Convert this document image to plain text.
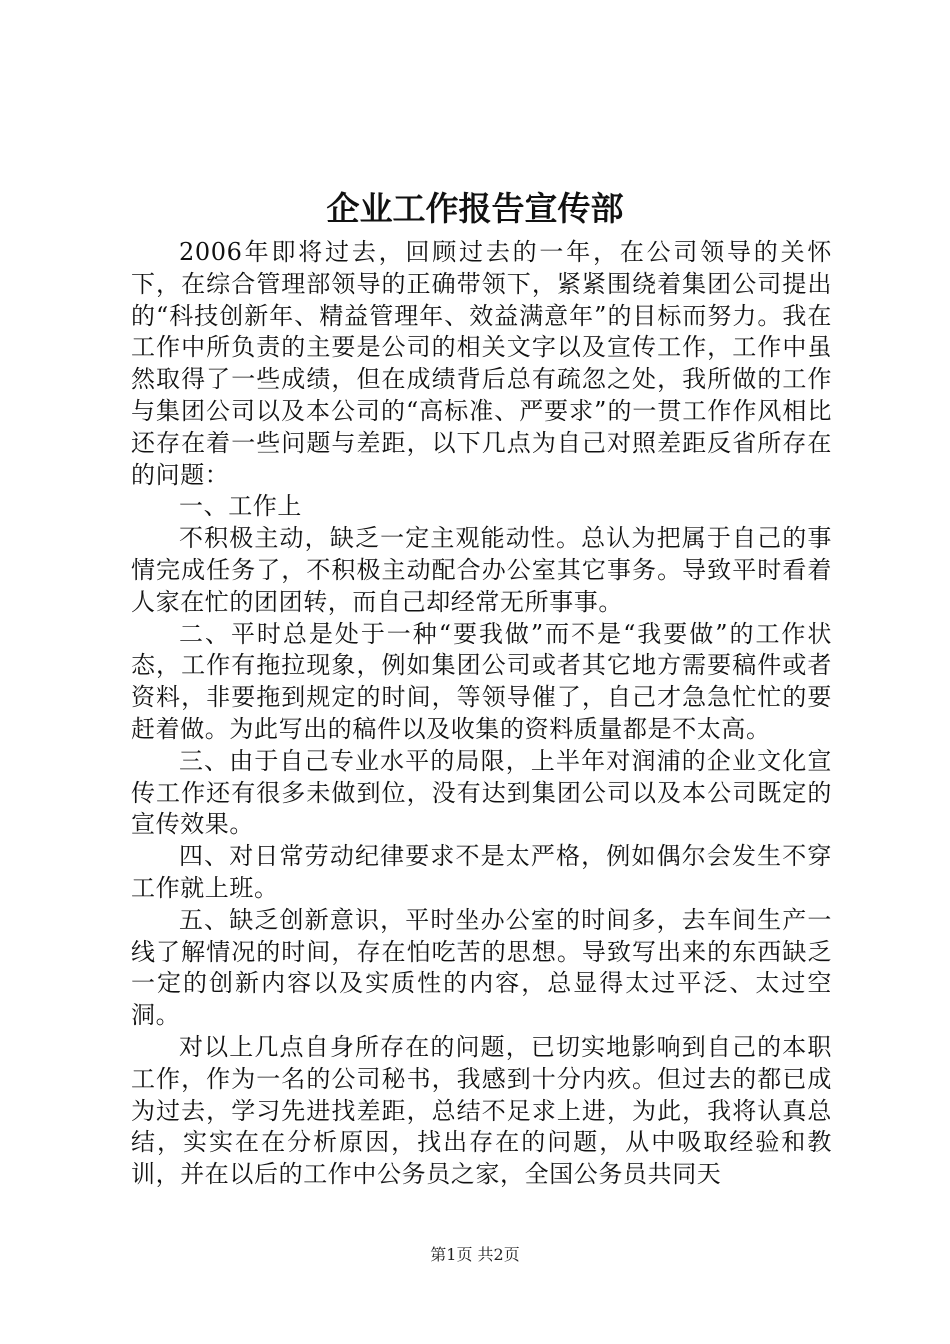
企业工作报告宣传部

2006年即将过去，回顾过去的一年，在公司领导的关怀下，在综合管理部领导的正确带领下，紧紧围绕着集团公司提出的“科技创新年、精益管理年、效益满意年”的目标而努力。我在工作中所负责的主要是公司的相关文字以及宣传工作，工作中虽然取得了一些成绩，但在成绩背后总有疏忽之处，我所做的工作与集团公司以及本公司的“高标准、严要求”的一贯工作作风相比还存在着一些问题与差距，以下几点为自己对照差距反省所存在的问题：

一、工作上

不积极主动，缺乏一定主观能动性。总认为把属于自己的事情完成任务了，不积极主动配合办公室其它事务。导致平时看着人家在忙的团团转，而自己却经常无所事事。

二、平时总是处于一种“要我做”而不是“我要做”的工作状态，工作有拖拉现象，例如集团公司或者其它地方需要稿件或者资料，非要拖到规定的时间，等领导催了，自己才急急忙忙的要赶着做。为此写出的稿件以及收集的资料质量都是不太高。

三、由于自己专业水平的局限，上半年对润浦的企业文化宣传工作还有很多未做到位，没有达到集团公司以及本公司既定的宣传效果。

四、对日常劳动纪律要求不是太严格，例如偶尔会发生不穿工作就上班。

五、缺乏创新意识，平时坐办公室的时间多，去车间生产一线了解情况的时间，存在怕吃苦的思想。导致写出来的东西缺乏一定的创新内容以及实质性的内容，总显得太过平泛、太过空洞。

对以上几点自身所存在的问题，已切实地影响到自己的本职工作，作为一名的公司秘书，我感到十分内疚。但过去的都已成为过去，学习先进找差距，总结不足求上进，为此，我将认真总结，实实在在分析原因，找出存在的问题，从中吸取经验和教训，并在以后的工作中公务员之家，全国公务员共同天

第1页 共2页
